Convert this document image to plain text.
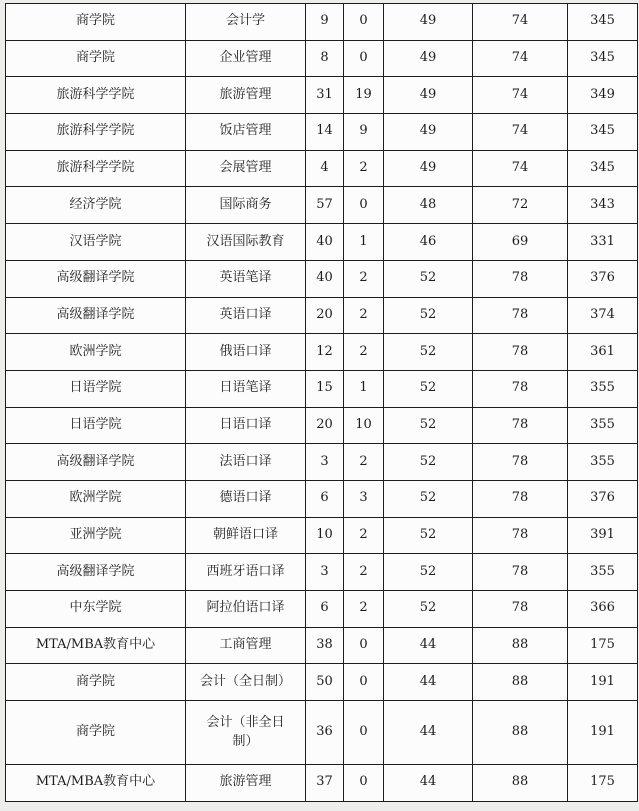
商学院	会计学	9	0	49	74	345
商学院	企业管理	8	0	49	74	345
旅游科学学院	旅游管理	31	19	49	74	349
旅游科学学院	饭店管理	14	9	49	74	345
旅游科学学院	会展管理	4	2	49	74	345
经济学院	国际商务	57	0	48	72	343
汉语学院	汉语国际教育	40	1	46	69	331
高级翻译学院	英语笔译	40	2	52	78	376
高级翻译学院	英语口译	20	2	52	78	374
欧洲学院	俄语口译	12	2	52	78	361
日语学院	日语笔译	15	1	52	78	355
日语学院	日语口译	20	10	52	78	355
高级翻译学院	法语口译	3	2	52	78	355
欧洲学院	德语口译	6	3	52	78	376
亚洲学院	朝鲜语口译	10	2	52	78	391
高级翻译学院	西班牙语口译	3	2	52	78	355
中东学院	阿拉伯语口译	6	2	52	78	366
MTA/MBA教育中心	工商管理	38	0	44	88	175
商学院	会计（全日制）	50	0	44	88	191
商学院	会计（非全日制）	36	0	44	88	191
MTA/MBA教育中心	旅游管理	37	0	44	88	175
